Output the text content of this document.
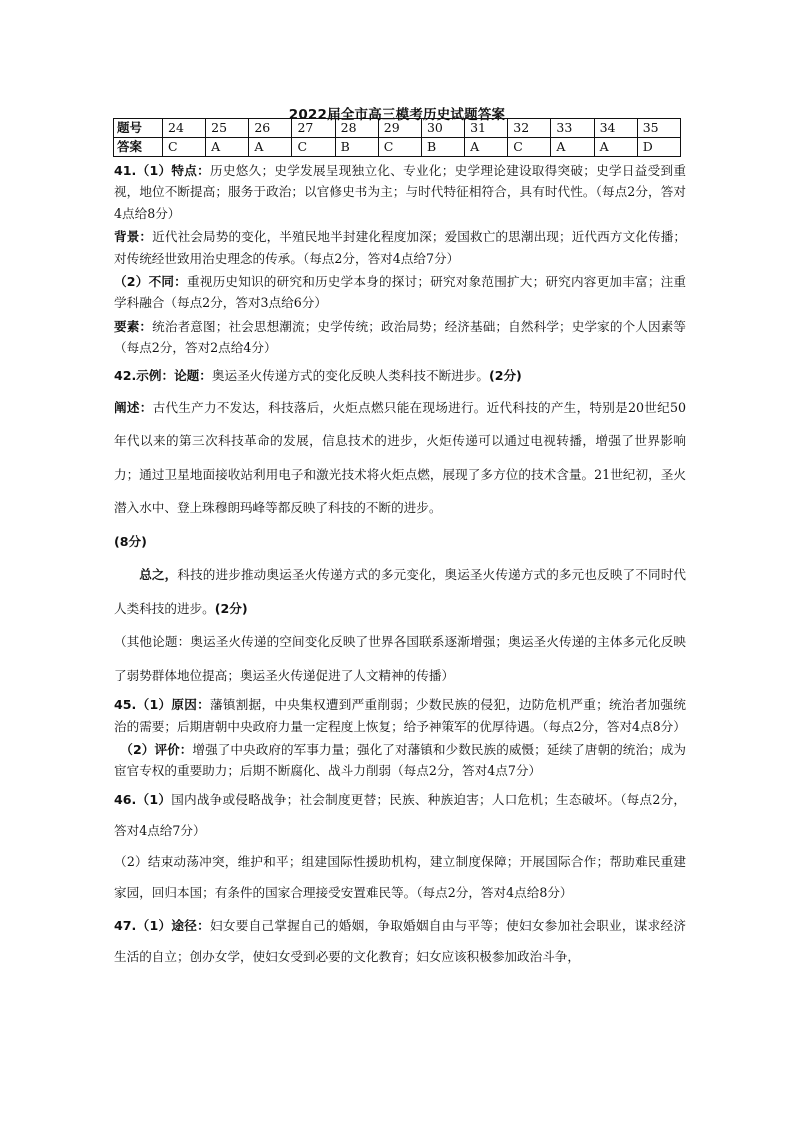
2022届全市高三模考历史试题答案
题号	24	25	26	27	28	29	30	31	32	33	34	35
答案	C	A	A	C	B	C	B	A	C	A	A	D

41.（1）特点：历史悠久；史学发展呈现独立化、专业化；史学理论建设取得突破；史学日益受到重视，地位不断提高；服务于政治；以官修史书为主；与时代特征相符合，具有时代性。（每点2分，答对4点给8分）

背景：近代社会局势的变化，半殖民地半封建化程度加深；爱国救亡的思潮出现；近代西方文化传播；对传统经世致用治史理念的传承。（每点2分，答对4点给7分）

（2）不同：重视历史知识的研究和历史学本身的探讨；研究对象范围扩大；研究内容更加丰富；注重学科融合（每点2分，答对3点给6分）

要素：统治者意图；社会思想潮流；史学传统；政治局势；经济基础；自然科学；史学家的个人因素等（每点2分，答对2点给4分）

42.示例：论题：奥运圣火传递方式的变化反映人类科技不断进步。(2分)

阐述：古代生产力不发达，科技落后，火炬点燃只能在现场进行。近代科技的产生，特别是20世纪50年代以来的第三次科技革命的发展，信息技术的进步，火炬传递可以通过电视转播，增强了世界影响力；通过卫星地面接收站利用电子和激光技术将火炬点燃，展现了多方位的技术含量。21世纪初，圣火潜入水中、登上珠穆朗玛峰等都反映了科技的不断的进步。
(8分)

总之，科技的进步推动奥运圣火传递方式的多元变化，奥运圣火传递方式的多元也反映了不同时代人类科技的进步。(2分)

（其他论题：奥运圣火传递的空间变化反映了世界各国联系逐渐增强；奥运圣火传递的主体多元化反映了弱势群体地位提高；奥运圣火传递促进了人文精神的传播）

45.（1）原因：藩镇割据，中央集权遭到严重削弱；少数民族的侵犯，边防危机严重；统治者加强统治的需要；后期唐朝中央政府力量一定程度上恢复；给予神策军的优厚待遇。（每点2分，答对4点8分）

（2）评价：增强了中央政府的军事力量；强化了对藩镇和少数民族的威慑；延续了唐朝的统治；成为宦官专权的重要助力；后期不断腐化、战斗力削弱（每点2分，答对4点7分）

46.（1）国内战争或侵略战争；社会制度更替；民族、种族迫害；人口危机；生态破坏。（每点2分，答对4点给7分）

（2）结束动荡冲突，维护和平；组建国际性援助机构，建立制度保障；开展国际合作；帮助难民重建家园，回归本国；有条件的国家合理接受安置难民等。（每点2分，答对4点给8分）

47.（1）途径：妇女要自己掌握自己的婚姻，争取婚姻自由与平等；使妇女参加社会职业，谋求经济生活的自立；创办女学，使妇女受到必要的文化教育；妇女应该积极参加政治斗争，
